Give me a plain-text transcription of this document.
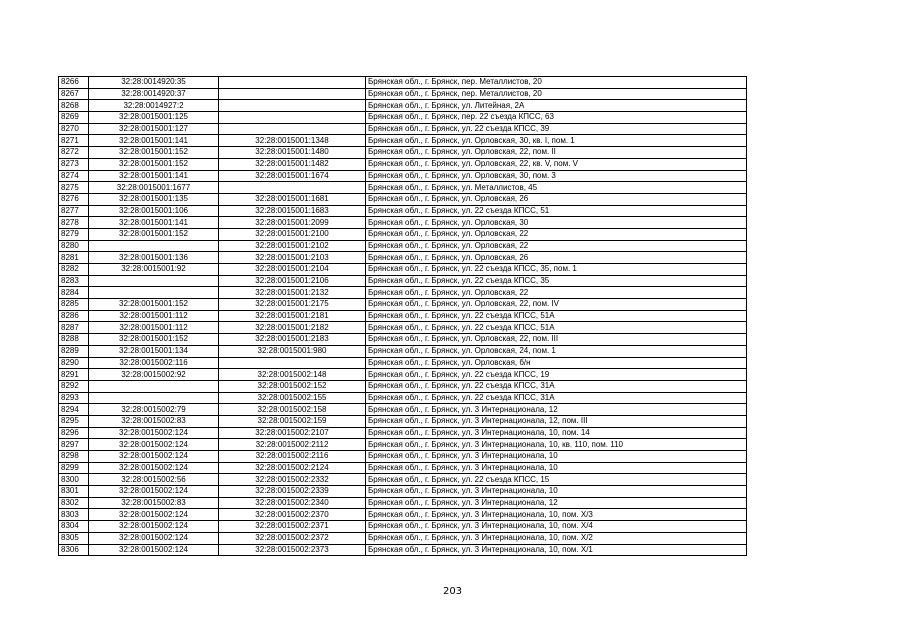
8266	32:28:0014920:35		Брянская обл., г. Брянск, пер. Металлистов, 20
8267	32:28:0014920:37		Брянская обл., г. Брянск, пер. Металлистов, 20
8268	32:28:0014927:2		Брянская обл., г. Брянск, ул. Литейная, 2А
8269	32:28:0015001:125		Брянская обл., г. Брянск, пер. 22 съезда КПСС, 63
8270	32:28:0015001:127		Брянская обл., г. Брянск, ул. 22 съезда КПСС, 39
8271	32:28:0015001:141	32:28:0015001:1348	Брянская обл., г. Брянск, ул. Орловская, 30, кв. I, пом. 1
8272	32:28:0015001:152	32:28:0015001:1480	Брянская обл., г. Брянск, ул. Орловская, 22, пом. II
8273	32:28:0015001:152	32:28:0015001:1482	Брянская обл., г. Брянск, ул. Орловская, 22, кв. V, пом. V
8274	32:28:0015001:141	32:28:0015001:1674	Брянская обл., г. Брянск, ул. Орловская, 30, пом. 3
8275	32:28:0015001:1677		Брянская обл., г. Брянск, ул. Металлистов, 45
8276	32:28:0015001:135	32:28:0015001:1681	Брянская обл., г. Брянск, ул. Орловская, 26
8277	32:28:0015001:106	32:28:0015001:1683	Брянская обл., г. Брянск, ул. 22 съезда КПСС, 51
8278	32:28:0015001:141	32:28:0015001:2099	Брянская обл., г. Брянск, ул. Орловская, 30
8279	32:28:0015001:152	32:28:0015001:2100	Брянская обл., г. Брянск, ул. Орловская, 22
8280		32:28:0015001:2102	Брянская обл., г. Брянск, ул. Орловская, 22
8281	32:28:0015001:136	32:28:0015001:2103	Брянская обл., г. Брянск, ул. Орловская, 26
8282	32:28:0015001:92	32:28:0015001:2104	Брянская обл., г. Брянск, ул. 22 съезда КПСС, 35, пом. 1
8283		32:28:0015001:2106	Брянская обл., г. Брянск, ул. 22 съезда КПСС, 35
8284		32:28:0015001:2132	Брянская обл., г. Брянск, ул. Орловская, 22
8285	32:28:0015001:152	32:28:0015001:2175	Брянская обл., г. Брянск, ул. Орловская, 22, пом. IV
8286	32:28:0015001:112	32:28:0015001:2181	Брянская обл., г. Брянск, ул. 22 съезда КПСС, 51А
8287	32:28:0015001:112	32:28:0015001:2182	Брянская обл., г. Брянск, ул. 22 съезда КПСС, 51А
8288	32:28:0015001:152	32:28:0015001:2183	Брянская обл., г. Брянск, ул. Орловская, 22, пом. III
8289	32:28:0015001:134	32:28:0015001:980	Брянская обл., г. Брянск, ул. Орловская, 24, пом. 1
8290	32:28:0015002:116		Брянская обл., г. Брянск, ул. Орловская, б/н
8291	32:28:0015002:92	32:28:0015002:148	Брянская обл., г. Брянск, ул. 22 съезда КПСС, 19
8292		32:28:0015002:152	Брянская обл., г. Брянск, ул. 22 съезда КПСС, 31А
8293		32:28:0015002:155	Брянская обл., г. Брянск, ул. 22 съезда КПСС, 31А
8294	32:28:0015002:79	32:28:0015002:158	Брянская обл., г. Брянск, ул. 3 Интернационала, 12
8295	32:28:0015002:83	32:28:0015002:159	Брянская обл., г. Брянск, ул. 3 Интернационала, 12, пом. III
8296	32:28:0015002:124	32:28:0015002:2107	Брянская обл., г. Брянск, ул. 3 Интернационала, 10, пом. 14
8297	32:28:0015002:124	32:28:0015002:2112	Брянская обл., г. Брянск, ул. 3 Интернационала, 10, кв. 110, пом. 110
8298	32:28:0015002:124	32:28:0015002:2116	Брянская обл., г. Брянск, ул. 3 Интернационала, 10
8299	32:28:0015002:124	32:28:0015002:2124	Брянская обл., г. Брянск, ул. 3 Интернационала, 10
8300	32:28:0015002:56	32:28:0015002:2332	Брянская обл., г. Брянск, ул. 22 съезда КПСС, 15
8301	32:28:0015002:124	32:28:0015002:2339	Брянская обл., г. Брянск, ул. 3 Интернационала, 10
8302	32:28:0015002:83	32:28:0015002:2340	Брянская обл., г. Брянск, ул. 3 Интернационала, 12
8303	32:28:0015002:124	32:28:0015002:2370	Брянская обл., г. Брянск, ул. 3 Интернационала, 10, пом. Х/3
8304	32:28:0015002:124	32:28:0015002:2371	Брянская обл., г. Брянск, ул. 3 Интернационала, 10, пом. Х/4
8305	32:28:0015002:124	32:28:0015002:2372	Брянская обл., г. Брянск, ул. 3 Интернационала, 10, пом. Х/2
8306	32:28:0015002:124	32:28:0015002:2373	Брянская обл., г. Брянск, ул. 3 Интернационала, 10, пом. Х/1
203
